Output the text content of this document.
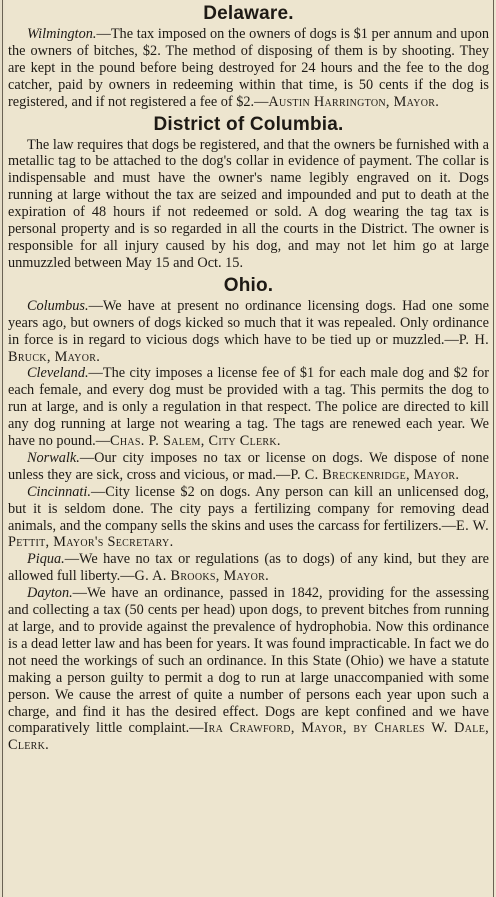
Delaware.

Wilmington.—The tax imposed on the owners of dogs is $1 per annum and upon the owners of bitches, $2. The method of disposing of them is by shooting. They are kept in the pound before being destroyed for 24 hours and the fee to the dog catcher, paid by owners in redeeming within that time, is 50 cents if the dog is registered, and if not registered a fee of $2.—Austin Harrington, Mayor.

District of Columbia.

The law requires that dogs be registered, and that the owners be furnished with a metallic tag to be attached to the dog's collar in evidence of payment. The collar is indispensable and must have the owner's name legibly engraved on it. Dogs running at large without the tax are seized and impounded and put to death at the expiration of 48 hours if not redeemed or sold. A dog wearing the tag tax is personal property and is so regarded in all the courts in the District. The owner is responsible for all injury caused by his dog, and may not let him go at large unmuzzled between May 15 and Oct. 15.

Ohio.

Columbus.—We have at present no ordinance licensing dogs. Had one some years ago, but owners of dogs kicked so much that it was repealed. Only ordinance in force is in regard to vicious dogs which have to be tied up or muzzled.—P. H. Bruck, Mayor.

Cleveland.—The city imposes a license fee of $1 for each male dog and $2 for each female, and every dog must be provided with a tag. This permits the dog to run at large, and is only a regulation in that respect. The police are directed to kill any dog running at large not wearing a tag. The tags are renewed each year. We have no pound.—Chas. P. Salem, City Clerk.

Norwalk.—Our city imposes no tax or license on dogs. We dispose of none unless they are sick, cross and vicious, or mad.—P. C. Breckenridge, Mayor.

Cincinnati.—City license $2 on dogs. Any person can kill an unlicensed dog, but it is seldom done. The city pays a fertilizing company for removing dead animals, and the company sells the skins and uses the carcass for fertilizers.—E. W. Pettit, Mayor's Secretary.

Piqua.—We have no tax or regulations (as to dogs) of any kind, but they are allowed full liberty.—G. A. Brooks, Mayor.

Dayton.—We have an ordinance, passed in 1842, providing for the assessing and collecting a tax (50 cents per head) upon dogs, to prevent bitches from running at large, and to provide against the prevalence of hydrophobia. Now this ordinance is a dead letter law and has been for years. It was found impracticable. In fact we do not need the workings of such an ordinance. In this State (Ohio) we have a statute making a person guilty to permit a dog to run at large unaccompanied with some person. We cause the arrest of quite a number of persons each year upon such a charge, and find it has the desired effect. Dogs are kept confined and we have comparatively little complaint.—Ira Crawford, Mayor, by Charles W. Dale, Clerk.
